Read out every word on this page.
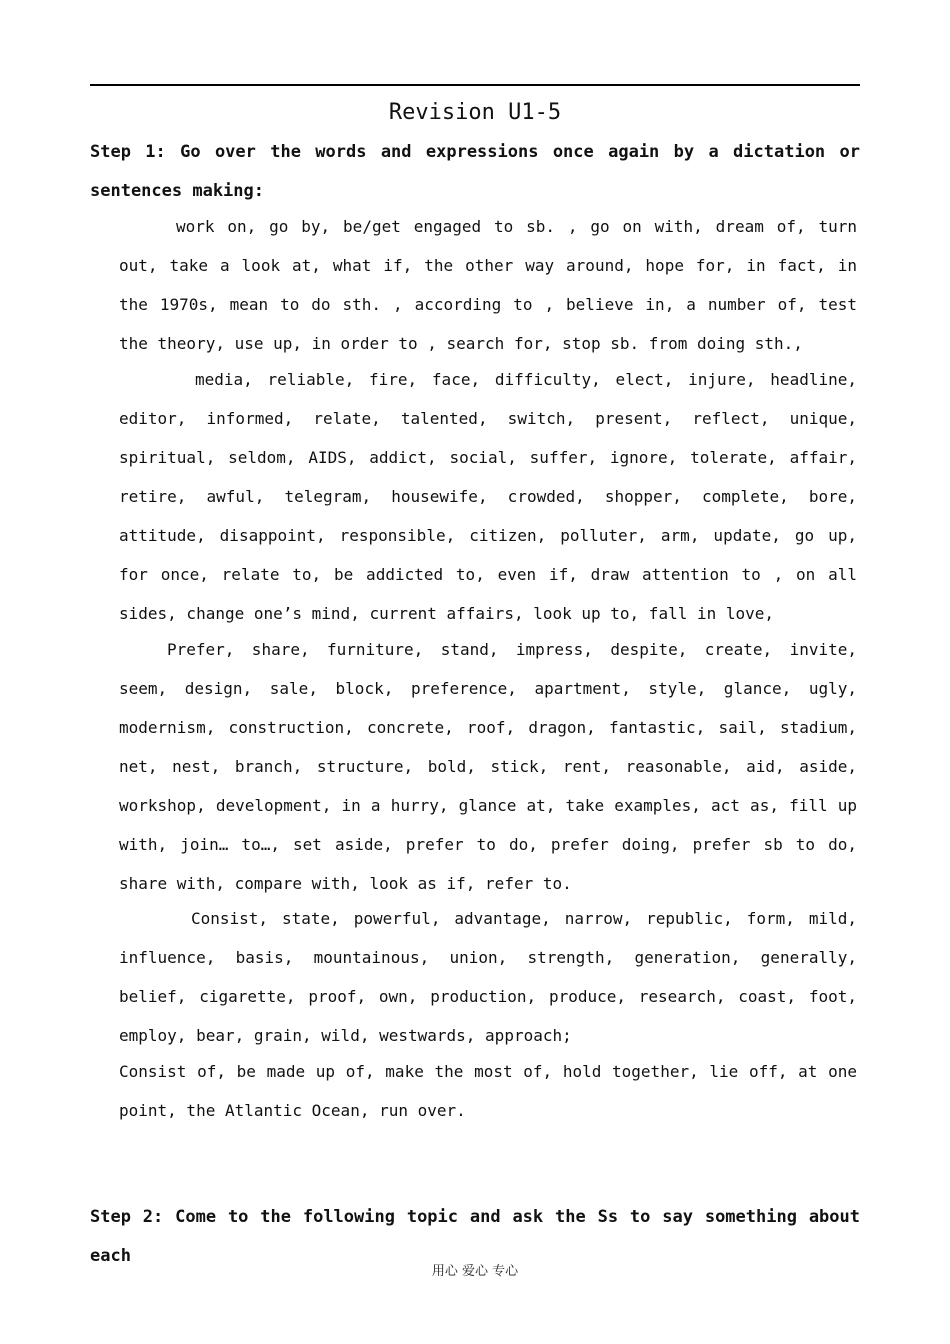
Revision U1-5
Step 1: Go over the words and expressions once again by a dictation or sentences making:

work on, go by, be/get engaged to sb. , go on with, dream of, turn out, take a look at, what if, the other way around, hope for, in fact, in the 1970s, mean to do sth. , according to , believe in, a number of, test the theory, use up, in order to , search for, stop sb. from doing sth.,

media, reliable, fire, face, difficulty, elect, injure, headline, editor, informed, relate, talented, switch, present, reflect, unique, spiritual, seldom, AIDS, addict, social, suffer, ignore, tolerate, affair, retire, awful, telegram, housewife, crowded, shopper, complete, bore, attitude, disappoint, responsible, citizen, polluter, arm, update, go up, for once, relate to, be addicted to, even if, draw attention to , on all sides, change one’s mind, current affairs, look up to, fall in love,

Prefer, share, furniture, stand, impress, despite, create, invite, seem, design, sale, block, preference, apartment, style, glance, ugly, modernism, construction, concrete, roof, dragon, fantastic, sail, stadium, net, nest, branch, structure, bold, stick, rent, reasonable, aid, aside, workshop, development, in a hurry, glance at, take examples, act as, fill up with, join… to…, set aside, prefer to do, prefer doing, prefer sb to do, share with, compare with, look as if, refer to.

Consist, state, powerful, advantage, narrow, republic, form, mild, influence, basis, mountainous, union, strength, generation, generally, belief, cigarette, proof, own, production, produce, research, coast, foot, employ, bear, grain, wild, westwards, approach;

Consist of, be made up of, make the most of, hold together, lie off, at one point, the Atlantic Ocean, run over.

Step 2: Come to the following topic and ask the Ss to say something about each
用心 爱心 专心
